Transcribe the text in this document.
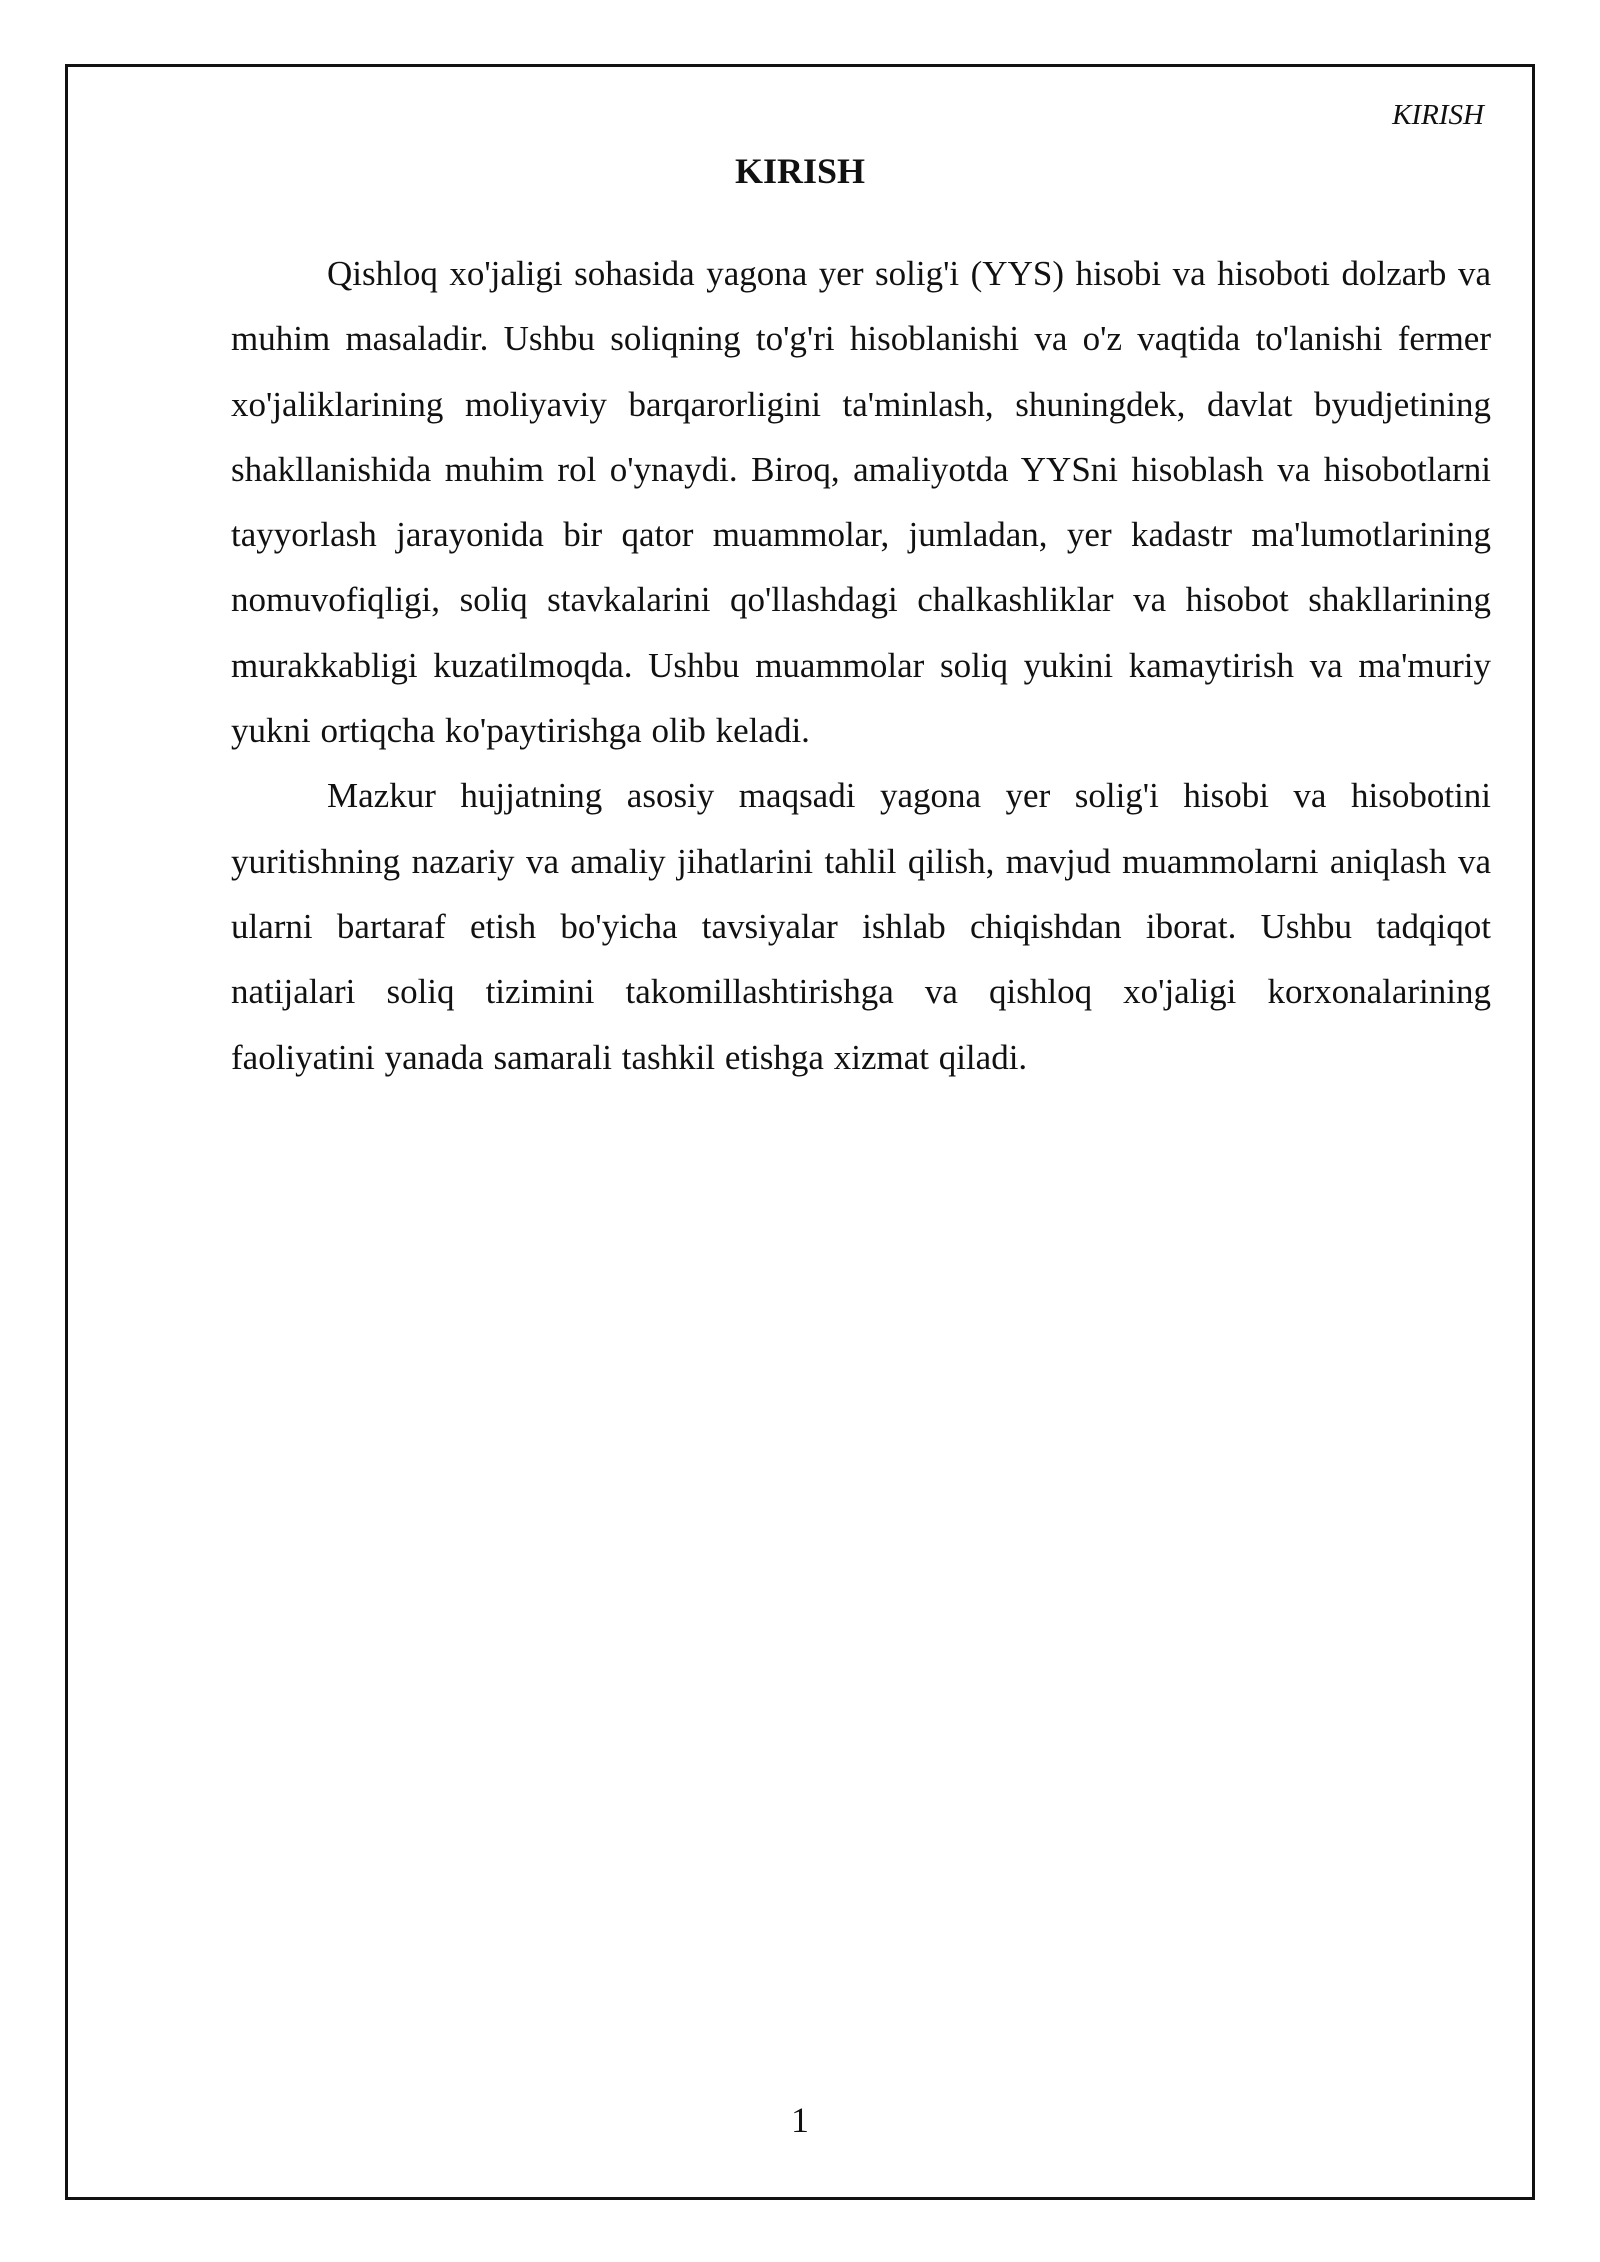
KIRISH
KIRISH

Qishloq xo'jaligi sohasida yagona yer solig'i (YYS) hisobi va hisoboti dolzarb va muhim masaladir. Ushbu soliqning to'g'ri hisoblanishi va o'z vaqtida to'lanishi fermer xo'jaliklarining moliyaviy barqarorligini ta'minlash, shuningdek, davlat byudjetining shakllanishida muhim rol o'ynaydi. Biroq, amaliyotda YYSni hisoblash va hisobotlarni tayyorlash jarayonida bir qator muammolar, jumladan, yer kadastr ma'lumotlarining nomuvofiqligi, soliq stavkalarini qo'llashdagi chalkashliklar va hisobot shakllarining murakkabligi kuzatilmoqda. Ushbu muammolar soliq yukini kamaytirish va ma'muriy yukni ortiqcha ko'paytirishga olib keladi.

Mazkur hujjatning asosiy maqsadi yagona yer solig'i hisobi va hisobotini yuritishning nazariy va amaliy jihatlarini tahlil qilish, mavjud muammolarni aniqlash va ularni bartaraf etish bo'yicha tavsiyalar ishlab chiqishdan iborat. Ushbu tadqiqot natijalari soliq tizimini takomillashtirishga va qishloq xo'jaligi korxonalarining faoliyatini yanada samarali tashkil etishga xizmat qiladi.

1
